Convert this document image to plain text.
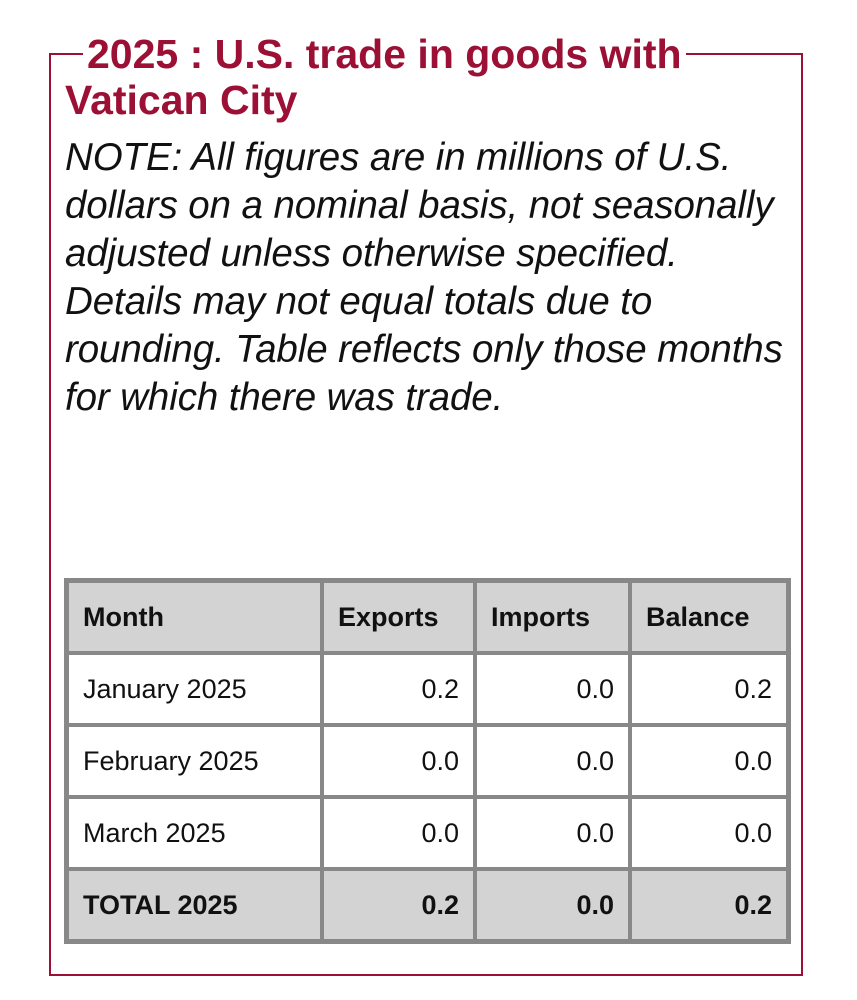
2025 : U.S. trade in goods with
Vatican City

NOTE: All figures are in millions of U.S. dollars on a nominal basis, not seasonally adjusted unless otherwise specified. Details may not equal totals due to rounding. Table reflects only those months for which there was trade.

Month	Exports	Imports	Balance
January 2025	0.2	0.0	0.2
February 2025	0.0	0.0	0.0
March 2025	0.0	0.0	0.0
TOTAL 2025	0.2	0.0	0.2
